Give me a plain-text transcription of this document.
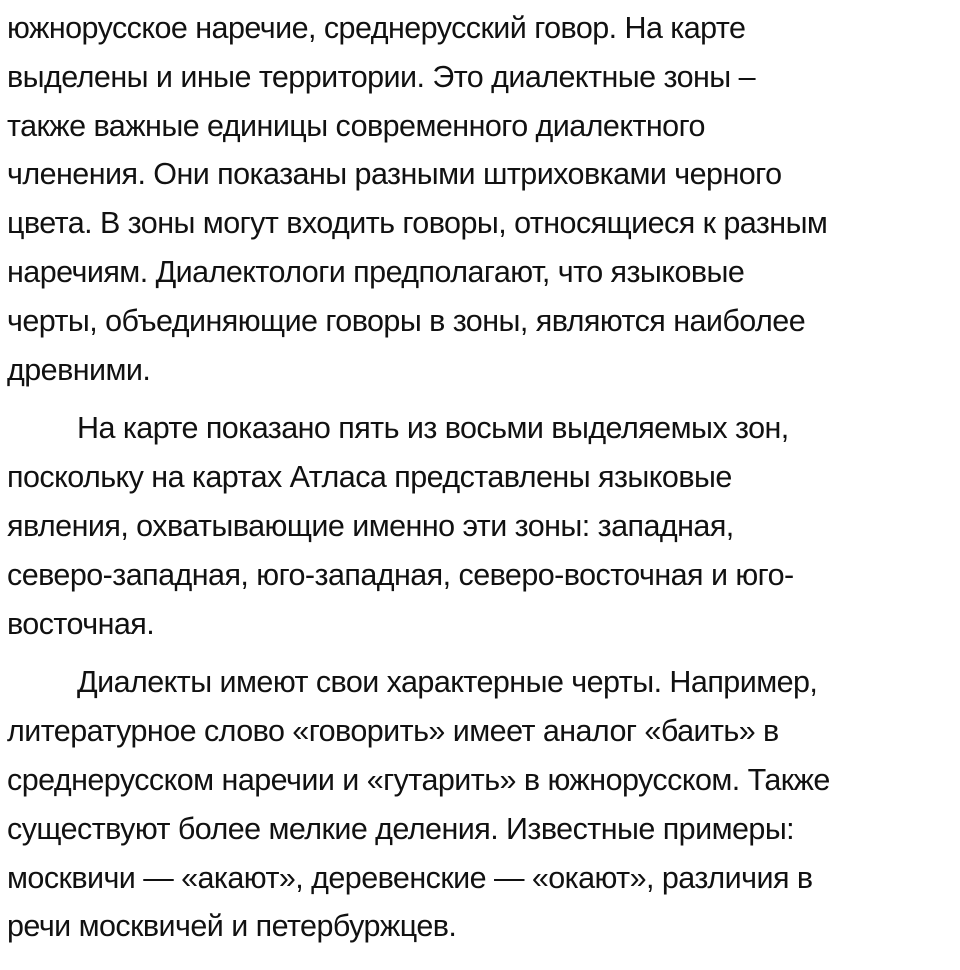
южнорусское наречие, среднерусский говор. На карте
выделены и иные территории. Это диалектные зоны –
также важные единицы современного диалектного
членения. Они показаны разными штриховками черного
цвета. В зоны могут входить говоры, относящиеся к разным
наречиям. Диалектологи предполагают, что языковые
черты, объединяющие говоры в зоны, являются наиболее
древними.
На карте показано пять из восьми выделяемых зон,
поскольку на картах Атласа представлены языковые
явления, охватывающие именно эти зоны: западная,
северо-западная, юго-западная, северо-восточная и юго-
восточная.
Диалекты имеют свои характерные черты. Например,
литературное слово «говорить» имеет аналог «баить» в
среднерусском наречии и «гутарить» в южнорусском. Также
существуют более мелкие деления. Известные примеры:
москвичи — «акают», деревенские — «окают», различия в
речи москвичей и петербуржцев.
